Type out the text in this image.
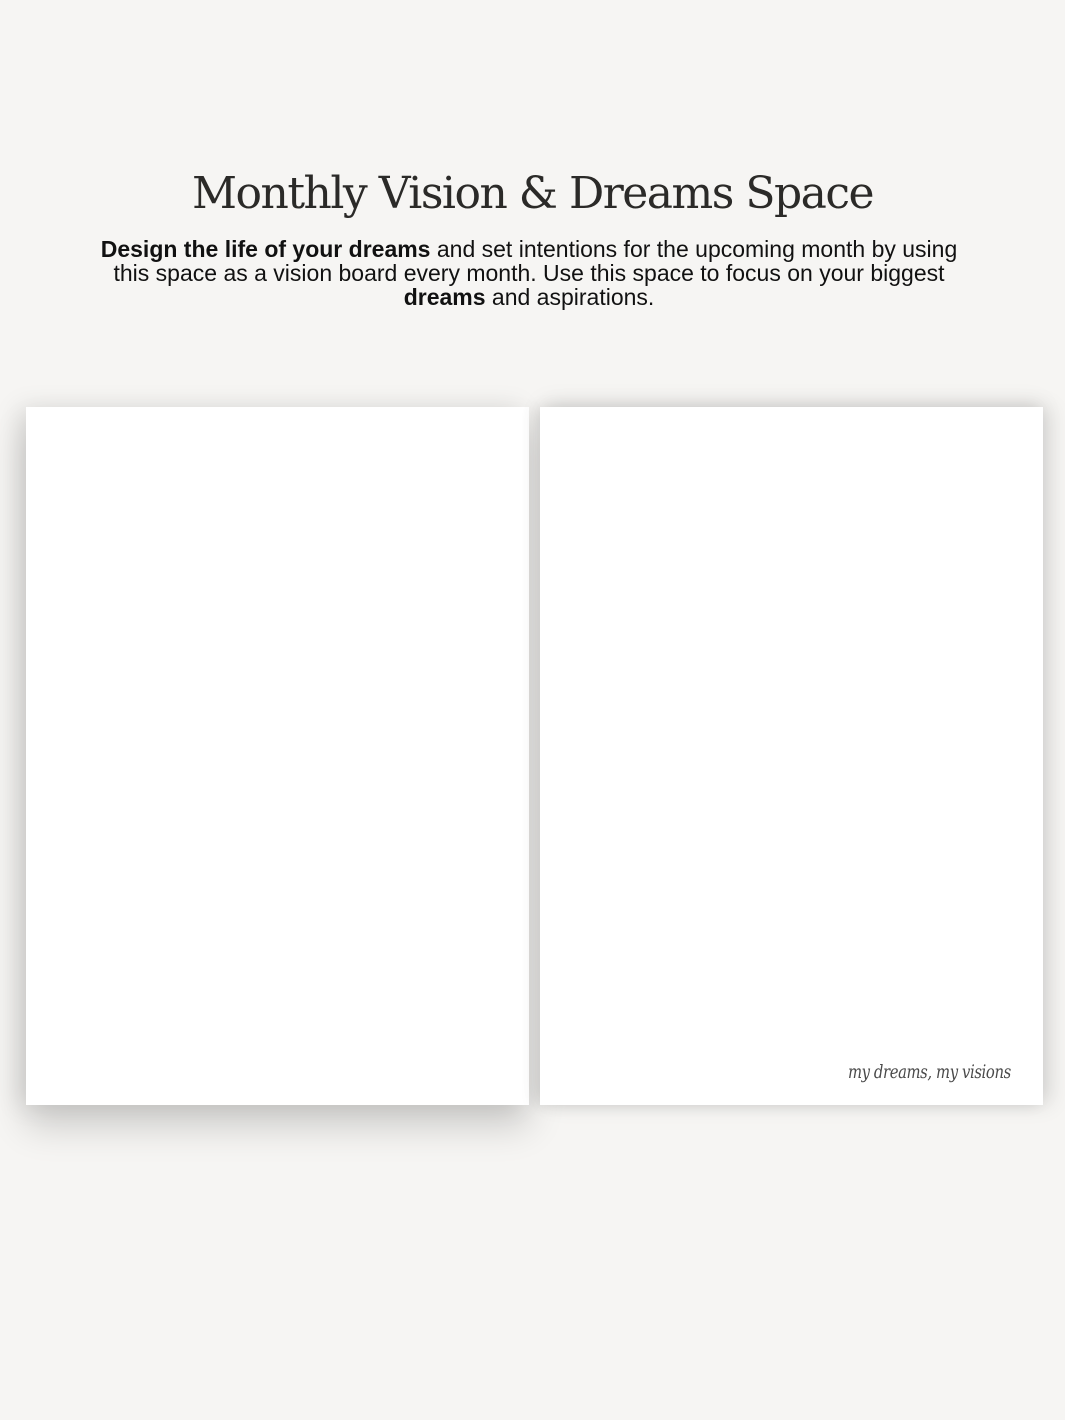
Monthly Vision & Dreams Space

Design the life of your dreams and set intentions for the upcoming month by using this space as a vision board every month. Use this space to focus on your biggest dreams and aspirations.

my dreams, my visions
